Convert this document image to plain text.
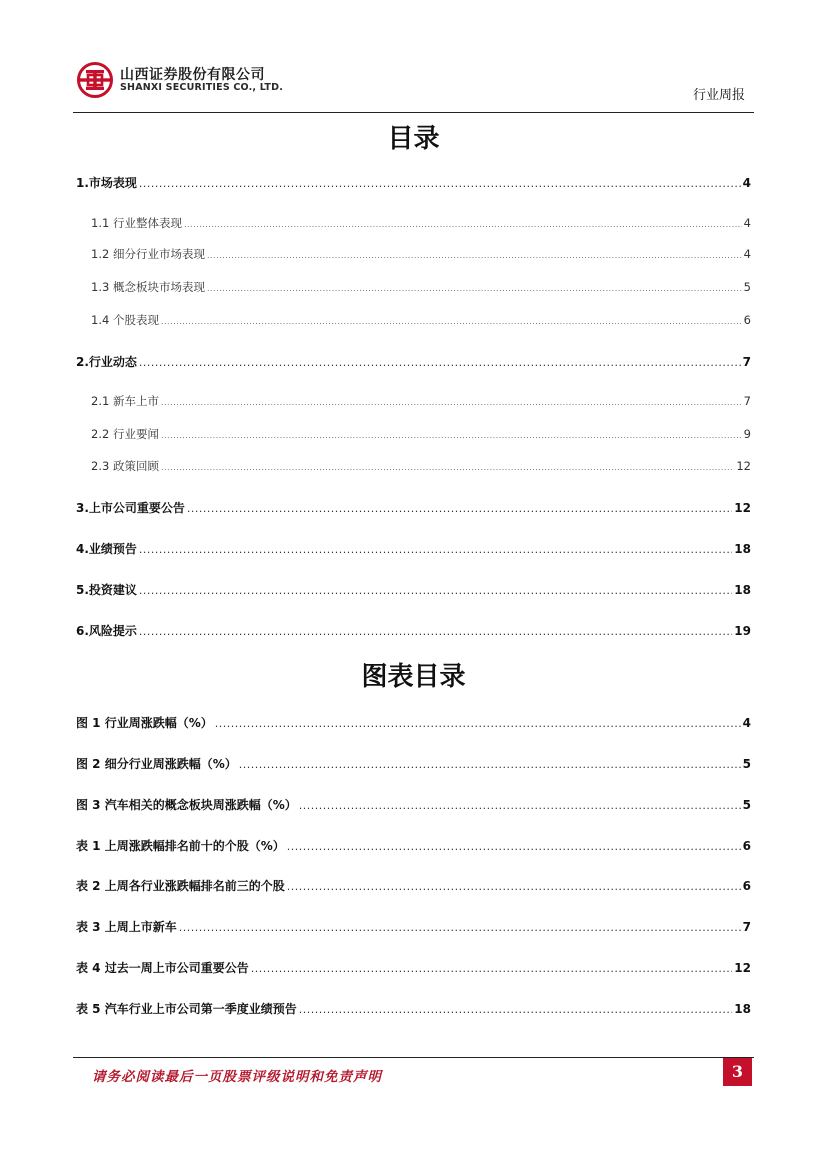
山西证券股份有限公司
SHANXI SECURITIES CO., LTD.
行业周报
目录
1.市场表现 .....	4
1.1 行业整体表现 .....	4
1.2 细分行业市场表现 .....	4
1.3 概念板块市场表现 .....	5
1.4 个股表现 .....	6
2.行业动态 .....	7
2.1 新车上市 .....	7
2.2 行业要闻 .....	9
2.3 政策回顾 .....	12
3.上市公司重要公告 .....	12
4.业绩预告 .....	18
5.投资建议 .....	18
6.风险提示 .....	19
图表目录
图 1 行业周涨跌幅（%） .....	4
图 2 细分行业周涨跌幅（%） .....	5
图 3 汽车相关的概念板块周涨跌幅（%） .....	5
表 1 上周涨跌幅排名前十的个股（%） .....	6
表 2 上周各行业涨跌幅排名前三的个股 .....	6
表 3 上周上市新车 .....	7
表 4 过去一周上市公司重要公告 .....	12
表 5 汽车行业上市公司第一季度业绩预告 .....	18
请务必阅读最后一页股票评级说明和免责声明	3
